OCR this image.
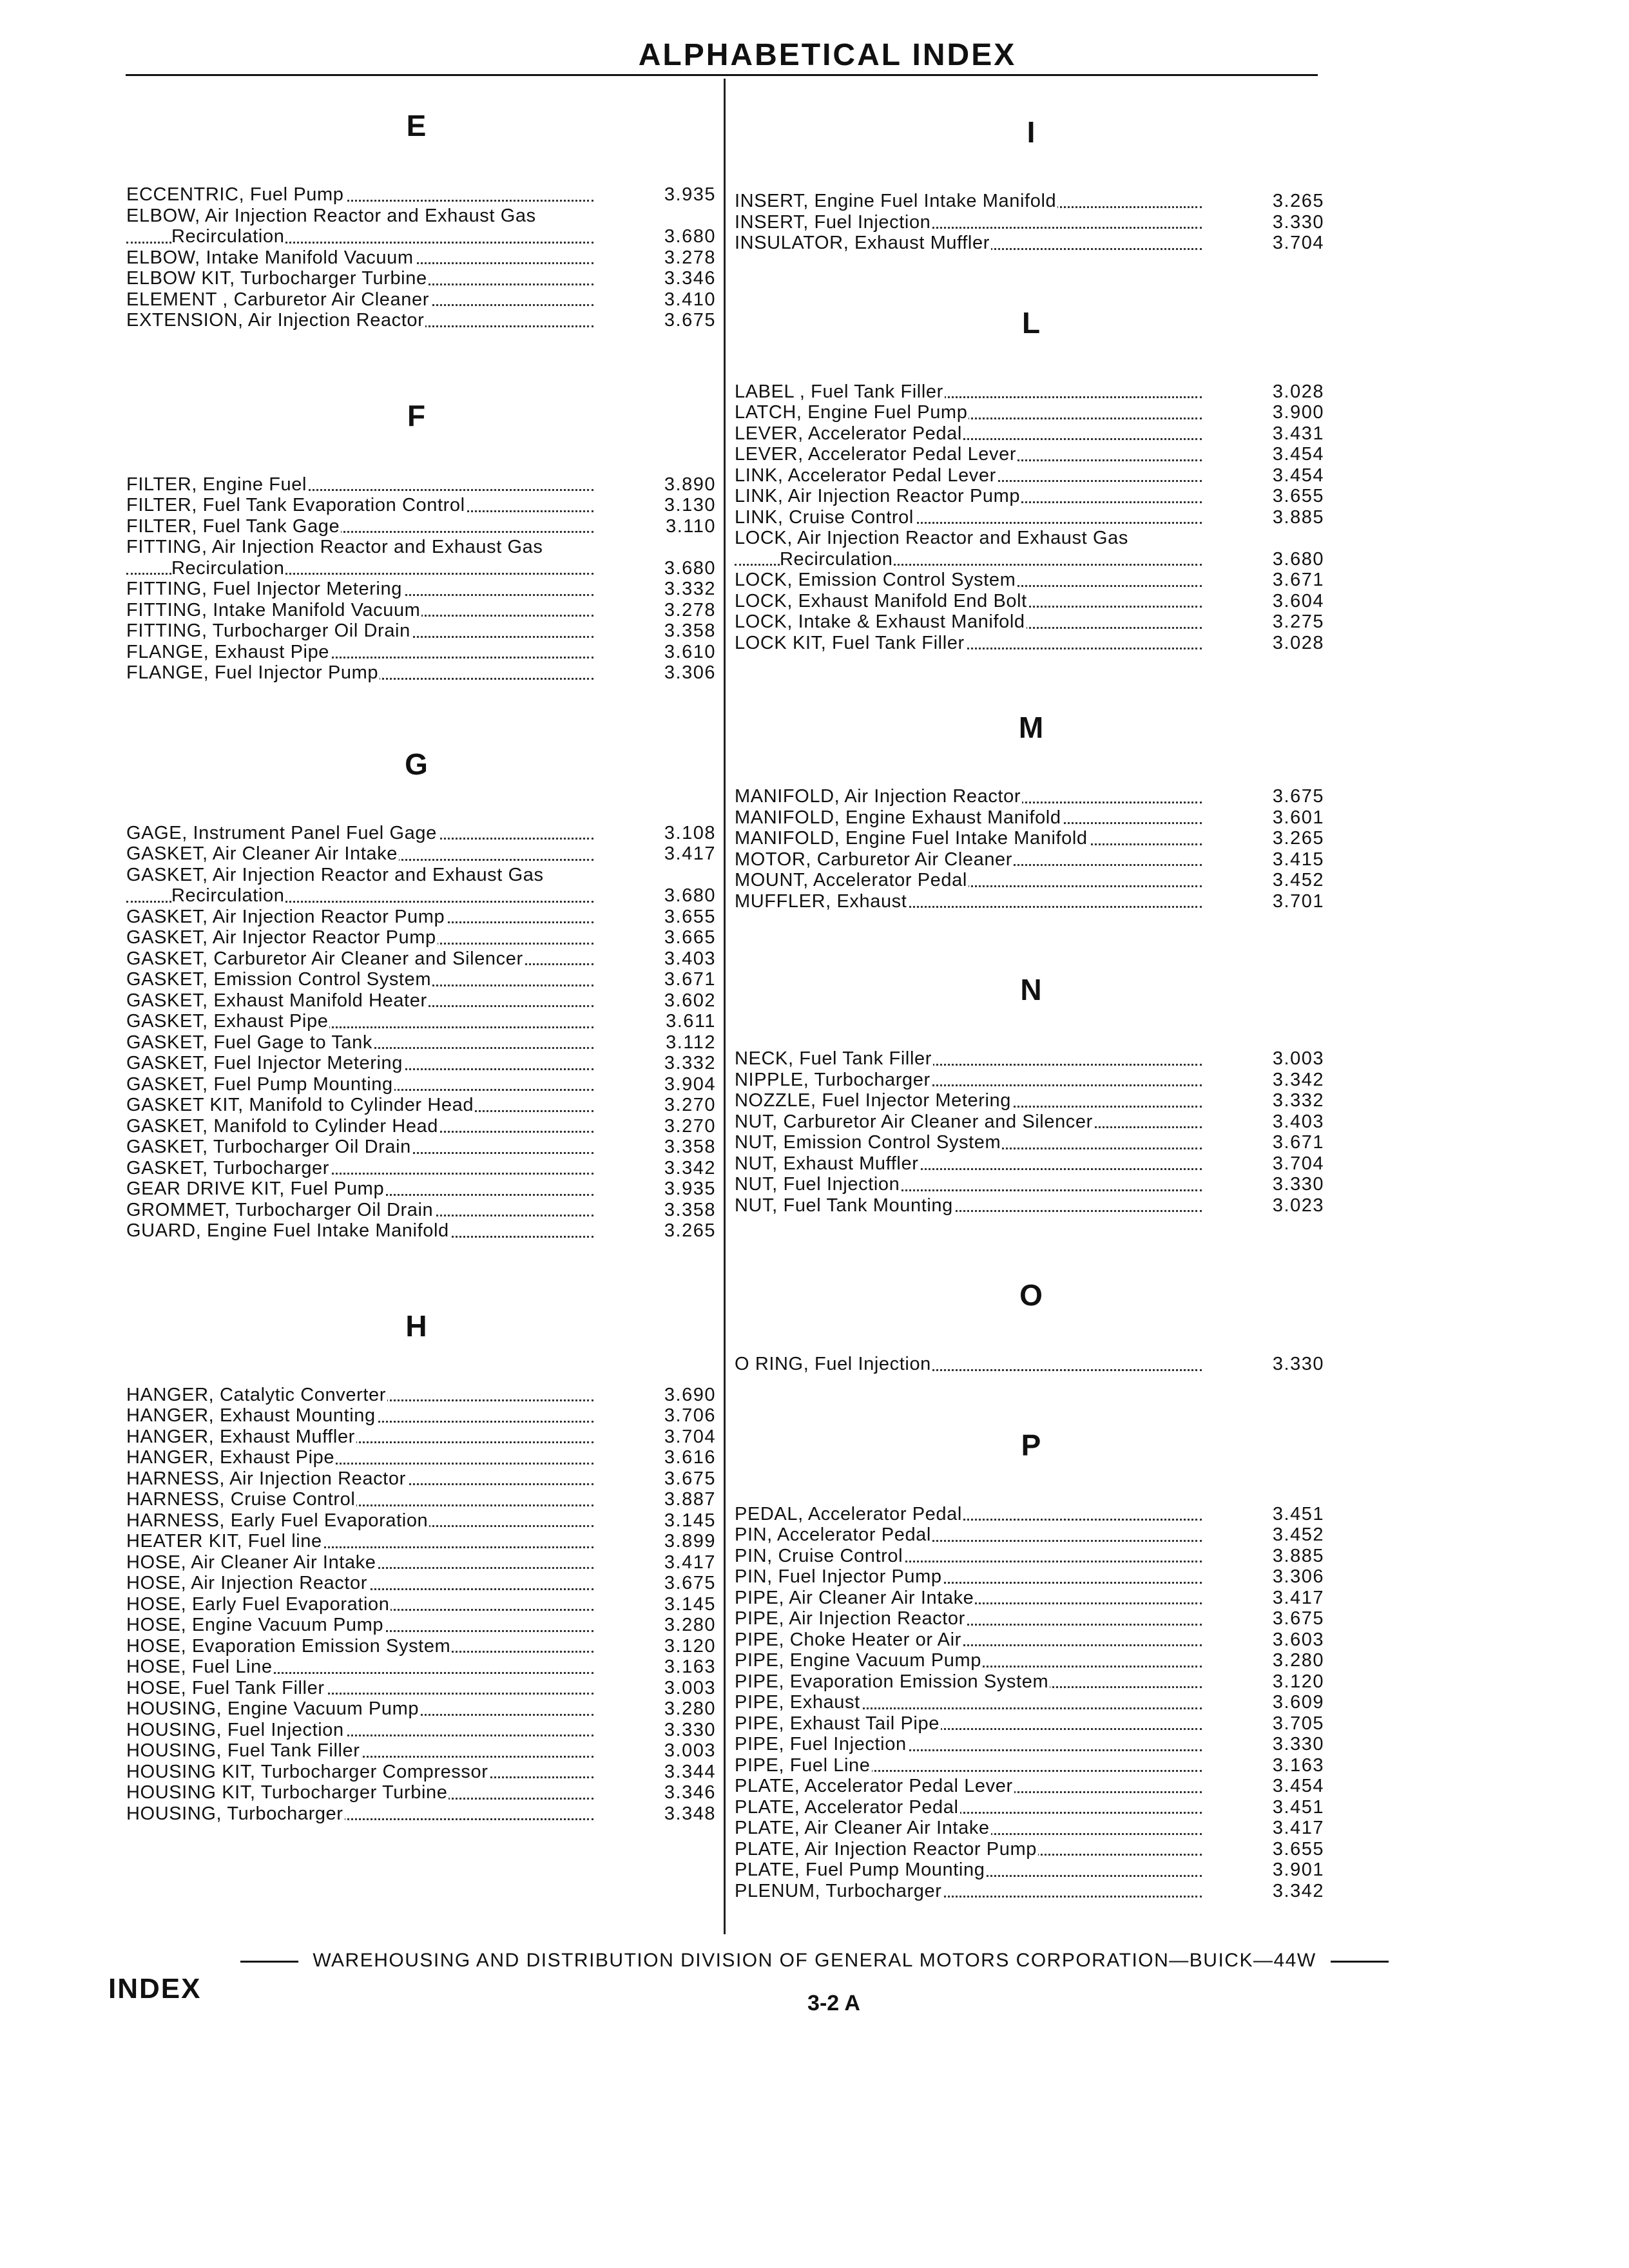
ALPHABETICAL INDEX
E
ECCENTRIC, Fuel Pump	3.935
ELBOW, Air Injection Reactor and Exhaust Gas
Recirculation	3.680
ELBOW, Intake Manifold Vacuum	3.278
ELBOW KIT, Turbocharger Turbine	3.346
ELEMENT , Carburetor Air Cleaner	3.410
EXTENSION, Air Injection Reactor	3.675
F
FILTER, Engine Fuel	3.890
FILTER, Fuel Tank Evaporation Control	3.130
FILTER, Fuel Tank Gage	3.110
FITTING, Air Injection Reactor and Exhaust Gas
Recirculation	3.680
FITTING, Fuel Injector Metering	3.332
FITTING, Intake Manifold Vacuum	3.278
FITTING, Turbocharger Oil Drain	3.358
FLANGE, Exhaust Pipe	3.610
FLANGE, Fuel Injector Pump	3.306
G
GAGE, Instrument Panel Fuel Gage	3.108
GASKET, Air Cleaner Air Intake	3.417
GASKET, Air Injection Reactor and Exhaust Gas
Recirculation	3.680
GASKET, Air Injection Reactor Pump	3.655
GASKET, Air Injector Reactor Pump	3.665
GASKET, Carburetor Air Cleaner and Silencer	3.403
GASKET, Emission Control System	3.671
GASKET, Exhaust Manifold Heater	3.602
GASKET, Exhaust Pipe	3.611
GASKET, Fuel Gage to Tank	3.112
GASKET, Fuel Injector Metering	3.332
GASKET, Fuel Pump Mounting	3.904
GASKET KIT, Manifold to Cylinder Head	3.270
GASKET, Manifold to Cylinder Head	3.270
GASKET, Turbocharger Oil Drain	3.358
GASKET, Turbocharger	3.342
GEAR DRIVE KIT, Fuel Pump	3.935
GROMMET, Turbocharger Oil Drain	3.358
GUARD, Engine Fuel Intake Manifold	3.265
H
HANGER, Catalytic Converter	3.690
HANGER, Exhaust Mounting	3.706
HANGER, Exhaust Muffler	3.704
HANGER, Exhaust Pipe	3.616
HARNESS, Air Injection Reactor	3.675
HARNESS, Cruise Control	3.887
HARNESS, Early Fuel Evaporation	3.145
HEATER KIT, Fuel line	3.899
HOSE, Air Cleaner Air Intake	3.417
HOSE, Air Injection Reactor	3.675
HOSE, Early Fuel Evaporation	3.145
HOSE, Engine Vacuum Pump	3.280
HOSE, Evaporation Emission System	3.120
HOSE, Fuel Line	3.163
HOSE, Fuel Tank Filler	3.003
HOUSING, Engine Vacuum Pump	3.280
HOUSING, Fuel Injection	3.330
HOUSING, Fuel Tank Filler	3.003
HOUSING KIT, Turbocharger Compressor	3.344
HOUSING KIT, Turbocharger Turbine	3.346
HOUSING, Turbocharger	3.348
I
INSERT, Engine Fuel Intake Manifold	3.265
INSERT, Fuel Injection	3.330
INSULATOR, Exhaust Muffler	3.704
L
LABEL , Fuel Tank Filler	3.028
LATCH, Engine Fuel Pump	3.900
LEVER, Accelerator Pedal	3.431
LEVER, Accelerator Pedal Lever	3.454
LINK, Accelerator Pedal Lever	3.454
LINK, Air Injection Reactor Pump	3.655
LINK, Cruise Control	3.885
LOCK, Air Injection Reactor and Exhaust Gas
Recirculation	3.680
LOCK, Emission Control System	3.671
LOCK, Exhaust Manifold End Bolt	3.604
LOCK, Intake & Exhaust Manifold	3.275
LOCK KIT, Fuel Tank Filler	3.028
M
MANIFOLD, Air Injection Reactor	3.675
MANIFOLD, Engine Exhaust Manifold	3.601
MANIFOLD, Engine Fuel Intake Manifold	3.265
MOTOR, Carburetor Air Cleaner	3.415
MOUNT, Accelerator Pedal	3.452
MUFFLER, Exhaust	3.701
N
NECK, Fuel Tank Filler	3.003
NIPPLE, Turbocharger	3.342
NOZZLE, Fuel Injector Metering	3.332
NUT, Carburetor Air Cleaner and Silencer	3.403
NUT, Emission Control System	3.671
NUT, Exhaust Muffler	3.704
NUT, Fuel Injection	3.330
NUT, Fuel Tank Mounting	3.023
O
O RING, Fuel Injection	3.330
P
PEDAL, Accelerator Pedal	3.451
PIN, Accelerator Pedal	3.452
PIN, Cruise Control	3.885
PIN, Fuel Injector Pump	3.306
PIPE, Air Cleaner Air Intake	3.417
PIPE, Air Injection Reactor	3.675
PIPE, Choke Heater or Air	3.603
PIPE, Engine Vacuum Pump	3.280
PIPE, Evaporation Emission System	3.120
PIPE, Exhaust	3.609
PIPE, Exhaust Tail Pipe	3.705
PIPE, Fuel Injection	3.330
PIPE, Fuel Line	3.163
PLATE, Accelerator Pedal Lever	3.454
PLATE, Accelerator Pedal	3.451
PLATE, Air Cleaner Air Intake	3.417
PLATE, Air Injection Reactor Pump	3.655
PLATE, Fuel Pump Mounting	3.901
PLENUM, Turbocharger	3.342
WAREHOUSING AND DISTRIBUTION DIVISION OF GENERAL MOTORS CORPORATION—BUICK—44W
INDEX	3-2 A
